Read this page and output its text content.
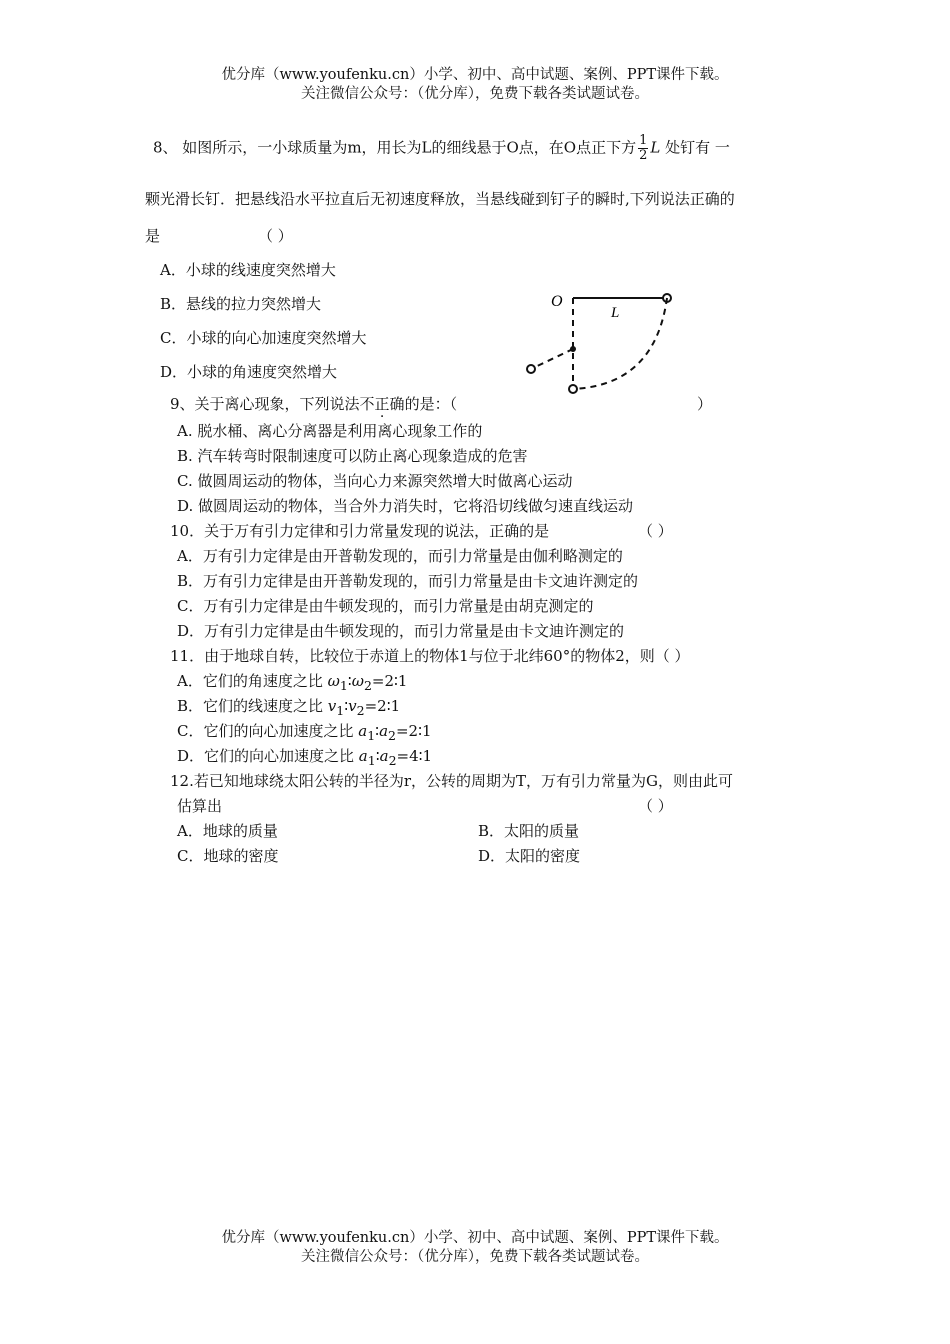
优分库（www.youfenku.cn）小学、初中、高中试题、案例、PPT课件下载。
关注微信公众号：（优分库），免费下载各类试题试卷。
8、 如图所示，一小球质量为m，用长为L的细线悬于O点，在O点正下方 $\frac{1}{2}$ L 处钉有 一
颗光滑长钉．把悬线沿水平拉直后无初速度释放，当悬线碰到钉子的瞬时,下列说法正确的
是	（ ）
A．小球的线速度突然增大
B．悬线的拉力突然增大
C．小球的向心加速度突然增大
D．小球的角速度突然增大
O
L
9、关于离心现象，下列说法不正确的是：（	）
A. 脱水桶、离心分离器是利用离心现象工作的
B. 汽车转弯时限制速度可以防止离心现象造成的危害
C. 做圆周运动的物体，当向心力来源突然增大时做离心运动
D. 做圆周运动的物体，当合外力消失时，它将沿切线做匀速直线运动
10．关于万有引力定律和引力常量发现的说法，正确的是	（ ）
A．万有引力定律是由开普勒发现的，而引力常量是由伽利略测定的
B．万有引力定律是由开普勒发现的，而引力常量是由卡文迪许测定的
C．万有引力定律是由牛顿发现的，而引力常量是由胡克测定的
D．万有引力定律是由牛顿发现的，而引力常量是由卡文迪许测定的
11．由于地球自转，比较位于赤道上的物体1与位于北纬60°的物体2，则（ ）
A．它们的角速度之比 $\omega_1∶\omega_2=2∶1$
B．它们的线速度之比 $v_1∶v_2=2∶1$
C．它们的向心加速度之比 $a_1∶a_2=2∶1$
D．它们的向心加速度之比 $a_1∶a_2=4∶1$
12.若已知地球绕太阳公转的半径为r，公转的周期为T，万有引力常量为G，则由此可
估算出	（ ）
A．地球的质量	B．太阳的质量
C．地球的密度	D．太阳的密度
优分库（www.youfenku.cn）小学、初中、高中试题、案例、PPT课件下载。
关注微信公众号：（优分库），免费下载各类试题试卷。
